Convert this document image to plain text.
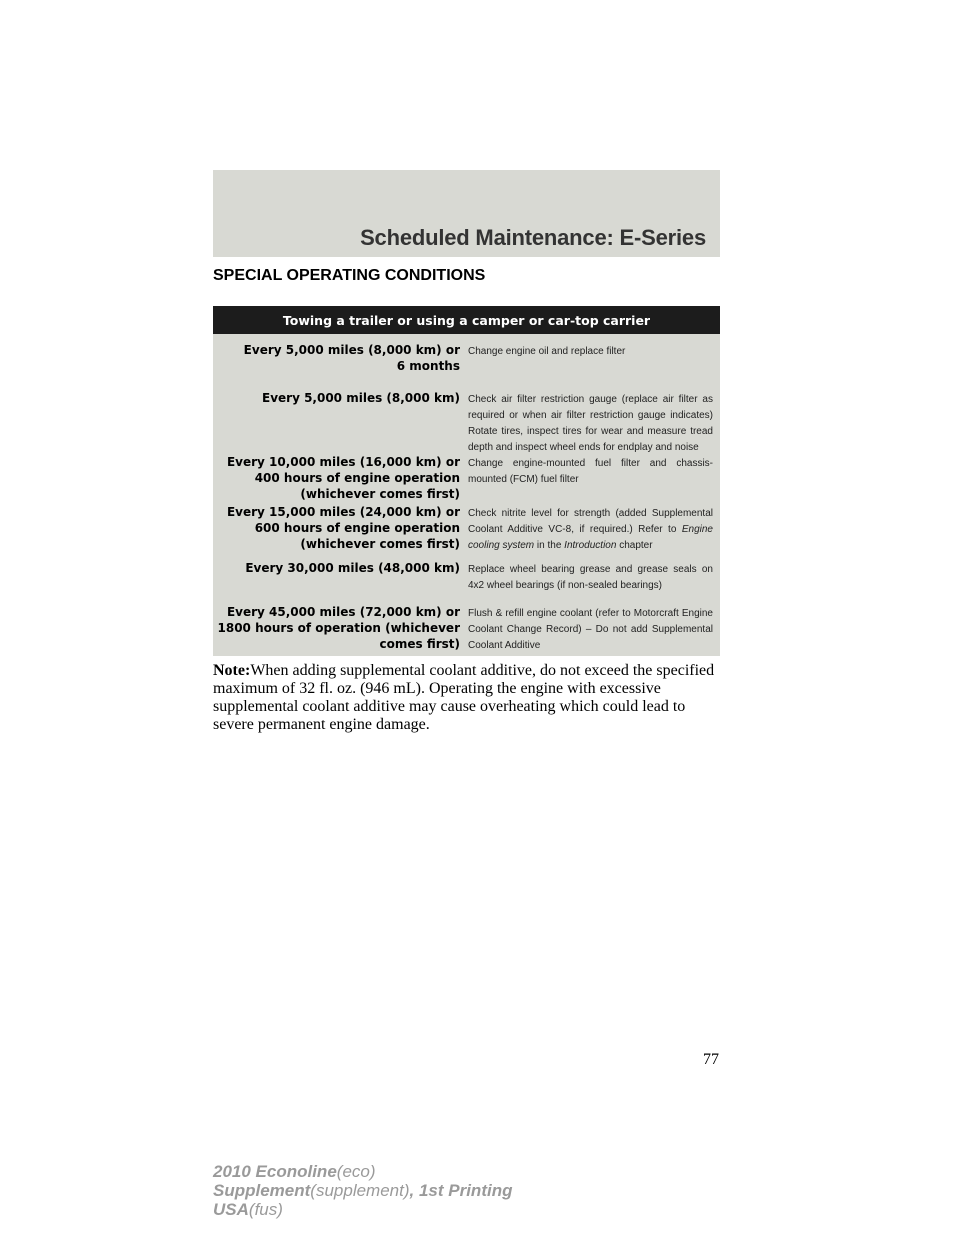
Scheduled Maintenance: E-Series
SPECIAL OPERATING CONDITIONS
Towing a trailer or using a camper or car-top carrier
Every 5,000 miles (8,000 km) or
6 months
Change engine oil and replace filter
Every 5,000 miles (8,000 km) Check air filter restriction gauge (replace air filter as required or when air filter restriction gauge indicates) Rotate tires, inspect tires for wear and measure tread depth and inspect wheel ends for endplay and noise
Every 10,000 miles (16,000 km) or
400 hours of engine operation
(whichever comes first)
Change engine-mounted fuel filter and chassis-mounted (FCM) fuel filter
Every 15,000 miles (24,000 km) or
600 hours of engine operation
(whichever comes first)
Check nitrite level for strength (added Supplemental Coolant Additive VC-8, if required.) Refer to Engine cooling system in the Introduction chapter
Every 30,000 miles (48,000 km) Replace wheel bearing grease and grease seals on 4x2 wheel bearings (if non-sealed bearings)
Every 45,000 miles (72,000 km) or
1800 hours of operation (whichever
comes first)
Flush & refill engine coolant (refer to Motorcraft Engine Coolant Change Record) – Do not add Supplemental Coolant Additive
Note:When adding supplemental coolant additive, do not exceed the specified maximum of 32 fl. oz. (946 mL). Operating the engine with excessive supplemental coolant additive may cause overheating which could lead to severe permanent engine damage.
77
2010 Econoline(eco)
Supplement(supplement), 1st Printing
USA(fus)
